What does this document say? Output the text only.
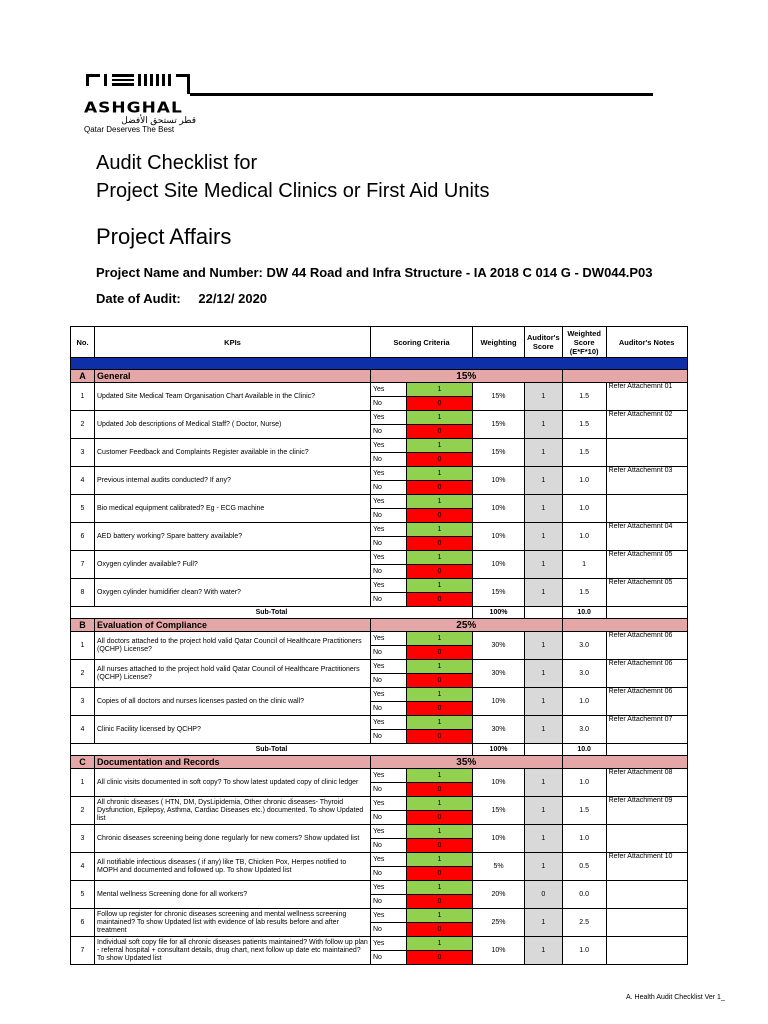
ASHGHAL
قطر تستحق الأفضل
Qatar Deserves The Best
Audit Checklist for
Project Site Medical Clinics or First Aid Units
Project Affairs
Project Name and Number: DW 44 Road and Infra Structure - IA 2018 C 014 G - DW044.P03
Date of Audit: 22/12/ 2020
No.	KPIs	Scoring Criteria		Weighting	Auditor's Score	Weighted Score (E*F*10)	Auditor's Notes

A	General	15%					
1	Updated Site Medical Team Organisation Chart Available in the Clinic?	Yes	1	15%	1	1.5	Refer Attachemnt 01
		No	0				
2	Updated Job descriptions of Medical Staff? ( Doctor, Nurse)	Yes	1	15%	1	1.5	Refer Attachemnt 02
		No	0				
3	Customer Feedback and Complaints Register available in the clinic?	Yes	1	15%	1	1.5	
		No	0				
4	Previous internal audits conducted? If any?	Yes	1	10%	1	1.0	Refer Attachemnt 03
		No	0				
5	Bio medical equipment calibrated? Eg - ECG machine	Yes	1	10%	1	1.0	
		No	0				
6	AED battery working? Spare battery available?	Yes	1	10%	1	1.0	Refer Attachemnt 04
		No	0				
7	Oxygen cylinder available? Full?	Yes	1	10%	1	1	Refer Attachemnt 05
		No	0				
8	Oxygen cylinder humidifier clean? With water?	Yes	1	15%	1	1.5	Refer Attachemnt 05
		No	0				
Sub-Total				100%		10.0	
B	Evaluation of Compliance	25%					
1	All doctors attached to the project hold valid Qatar Council of Healthcare Practitioners (QCHP) License?	Yes	1	30%	1	3.0	Refer Attachemnt 06
		No	0				
2	All nurses attached to the project hold valid Qatar Council of Healthcare Practitioners (QCHP) License?	Yes	1	30%	1	3.0	Refer Attachemnt 06
		No	0				
3	Copies of all doctors and nurses licenses pasted on the clinic wall?	Yes	1	10%	1	1.0	Refer Attachemnt 06
		No	0				
4	Clinic Facility licensed by QCHP?	Yes	1	30%	1	3.0	Refer Attachemnt 07
		No	0				
Sub-Total				100%		10.0	
C	Documentation and Records	35%					
1	All clinic visits documented in soft copy? To show latest updated copy of clinic ledger	Yes	1	10%	1	1.0	Refer Attachment 08
		No	0				
2	All chronic diseases ( HTN, DM, DysLipidemia, Other chronic diseases- Thyroid Dysfunction, Epilepsy, Asthma, Cardiac Diseases etc.) documented. To show Updated list	Yes	1	15%	1	1.5	Refer Attachment 09
		No	0				
3	Chronic diseases screening being done regularly for new comers? Show updated list	Yes	1	10%	1	1.0	
		No	0				
4	All notifiable infectious diseases ( if any) like TB, Chicken Pox, Herpes notified to MOPH and documented and followed up. To show Updated list	Yes	1	5%	1	0.5	Refer Attachment 10
		No	0				
5	Mental wellness Screening done for all workers?	Yes	1	20%	0	0.0	
		No	0				
6	Follow up register for chronic diseases screening and mental wellness screening maintained? To show Updated list with evidence of lab results before and after treatment	Yes	1	25%	1	2.5	
		No	0				
7	Individual soft copy file for all chronic diseases patients maintained? With follow up plan - referral hospital + consultant details, drug chart, next follow up date etc maintained? To show Updated list	Yes	1	10%	1	1.0	
		No	0				
A. Health Audit Checklist Ver 1_
